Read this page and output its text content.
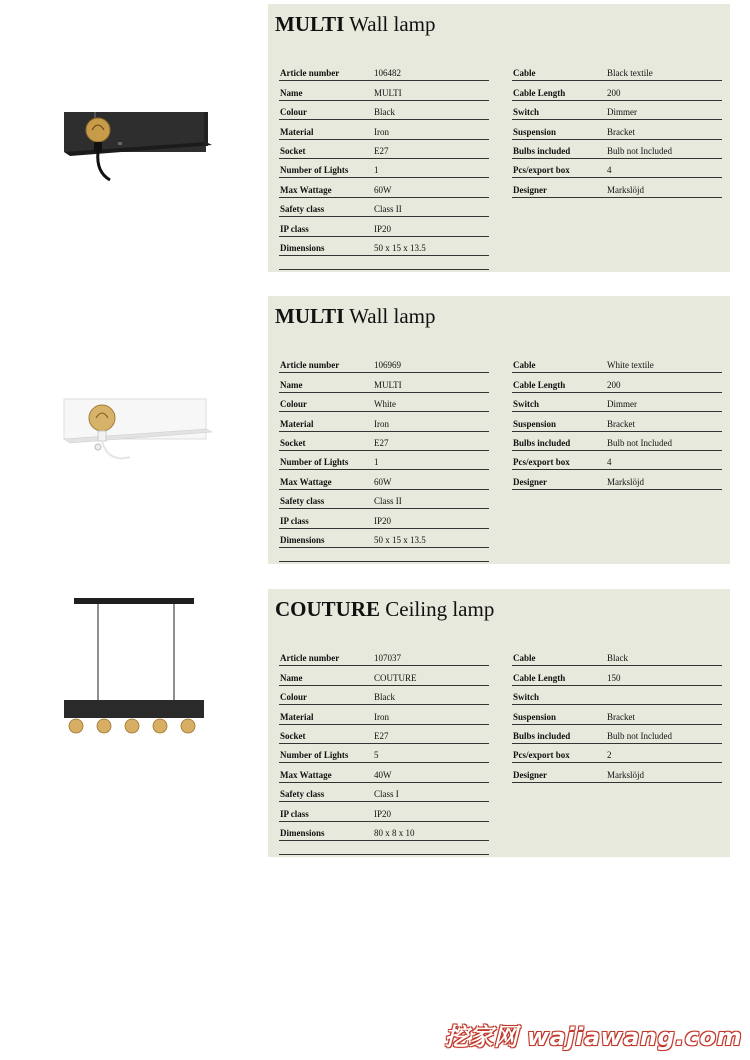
MULTI Wall lamp
Article number	106482
Name	MULTI
Colour	Black
Material	Iron
Socket	E27
Number of Lights	1
Max Wattage	60W
Safety class	Class II
IP class	IP20
Dimensions	50 x 15 x 13.5
Cable	Black textile
Cable Length	200
Switch	Dimmer
Suspension	Bracket
Bulbs included	Bulb not Included
Pcs/export box	4
Designer	Markslöjd
MULTI Wall lamp
Article number	106969
Name	MULTI
Colour	White
Material	Iron
Socket	E27
Number of Lights	1
Max Wattage	60W
Safety class	Class II
IP class	IP20
Dimensions	50 x 15 x 13.5
Cable	White textile
Cable Length	200
Switch	Dimmer
Suspension	Bracket
Bulbs included	Bulb not Included
Pcs/export box	4
Designer	Markslöjd
COUTURE Ceiling lamp
Article number	107037
Name	COUTURE
Colour	Black
Material	Iron
Socket	E27
Number of Lights	5
Max Wattage	40W
Safety class	Class I
IP class	IP20
Dimensions	80 x 8 x 10
Cable	Black
Cable Length	150
Switch
Suspension	Bracket
Bulbs included	Bulb not Included
Pcs/export box	2
Designer	Markslöjd
挖家网 wajiawang.com
